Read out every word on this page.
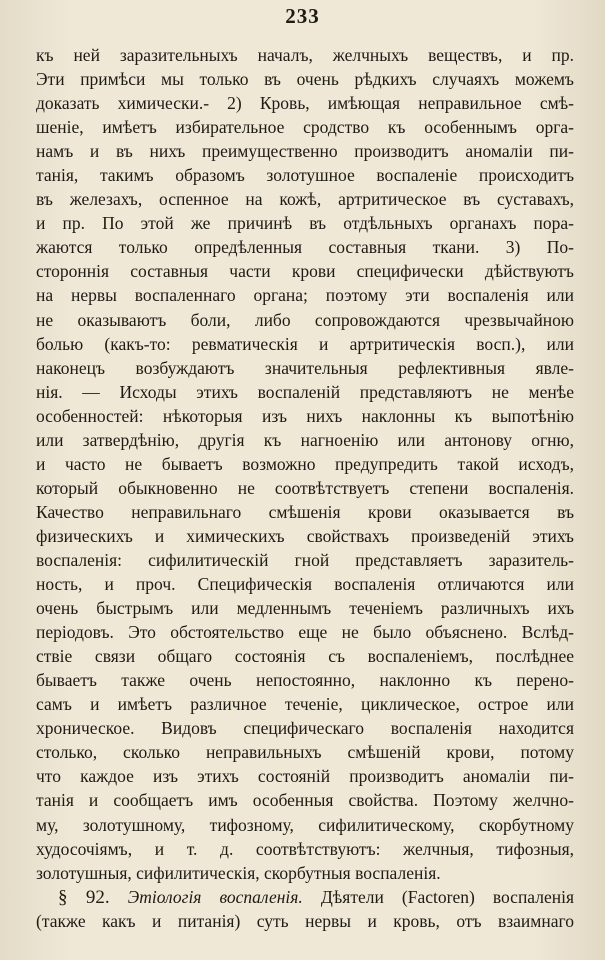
233
къ ней заразительныхъ началъ, желчныхъ веществъ, и пр.
Эти примѣси мы только въ очень рѣдкихъ случаяхъ можемъ
доказать химически.- 2) Кровь, имѣющая неправильное смѣ-
шеніе, имѣетъ избирательное сродство къ особеннымъ орга-
намъ и въ нихъ преимущественно производитъ аномаліи пи-
танія, такимъ образомъ золотушное воспаленіе происходитъ
въ железахъ, оспенное на кожѣ, артритическое въ суставахъ,
и пр. По этой же причинѣ въ отдѣльныхъ органахъ пора-
жаются только опредѣленныя составныя ткани. 3) По-
стороннія составныя части крови специфически дѣйствуютъ
на нервы воспаленнаго органа; поэтому эти воспаленія или
не оказываютъ боли, либо сопровождаются чрезвычайною
болью (какъ-то: ревматическія и артритическія восп.), или
наконецъ возбуждаютъ значительныя рефлективныя явле-
нія. — Исходы этихъ воспаленій представляютъ не менѣе
особенностей: нѣкоторыя изъ нихъ наклонны къ выпотѣнію
или затвердѣнію, другія къ нагноенію или антонову огню,
и часто не бываетъ возможно предупредить такой исходъ,
который обыкновенно не соотвѣтствуетъ степени воспаленія.
Качество неправильнаго смѣшенія крови оказывается въ
физическихъ и химическихъ свойствахъ произведеній этихъ
воспаленія: сифилитическій гной представляетъ заразитель-
ность, и проч. Специфическія воспаленія отличаются или
очень быстрымъ или медленнымъ теченіемъ различныхъ ихъ
періодовъ. Это обстоятельство еще не было объяснено. Вслѣд-
ствіе связи общаго состоянія съ воспаленіемъ, послѣднее
бываетъ также очень непостоянно, наклонно къ перено-
самъ и имѣетъ различное теченіе, циклическое, острое или
хроническое. Видовъ специфическаго воспаленія находится
столько, сколько неправильныхъ смѣшеній крови, потому
что каждое изъ этихъ состояній производитъ аномаліи пи-
танія и сообщаетъ имъ особенныя свойства. Поэтому желчно-
му, золотушному, тифозному, сифилитическому, скорбутному
худосочіямъ, и т. д. соотвѣтствуютъ: желчныя, тифозныя,
золотушныя, сифилитическія, скорбутныя воспаленія.
§ 92. Этіологія воспаленія. Дѣятели (Factoren) воспаленія
(также какъ и питанія) суть нервы и кровь, отъ взаимнаго
